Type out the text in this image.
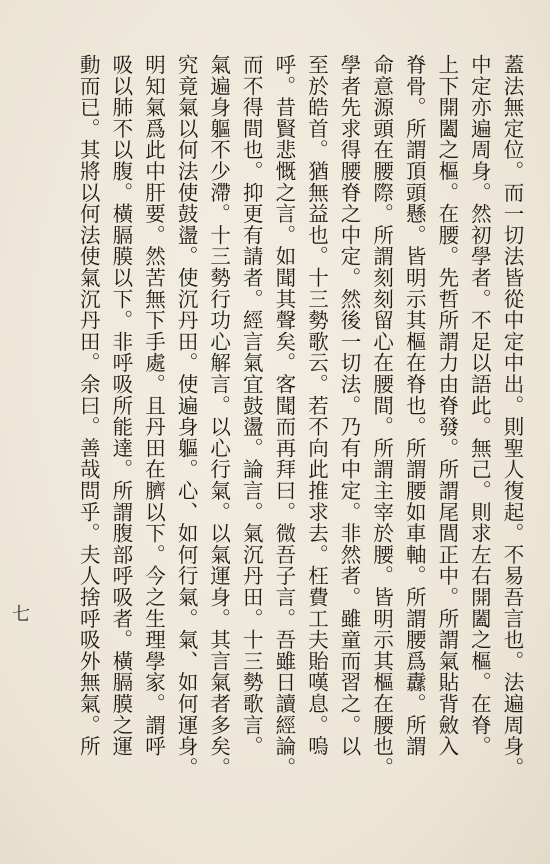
蓋法無定位。而一切法皆從中定中出。則聖人復起。不易吾言也。法遍周身。
中定亦遍周身。然初學者。不足以語此。無己。則求左右開闔之樞。在脊。
上下開闔之樞。在腰。先哲所謂力由脊發。所謂尾閭正中。所謂氣貼背斂入
脊骨。所謂頂頭懸。皆明示其樞在脊也。所謂腰如車軸。所謂腰爲纛。所謂
命意源頭在腰際。所謂刻刻留心在腰間。所謂主宰於腰。皆明示其樞在腰也。
學者先求得腰脊之中定。然後一切法。乃有中定。非然者。雖童而習之。以
至於皓首。猶無益也。十三勢歌云。若不向此推求去。枉費工夫貽嘆息。嗚
呼。昔賢悲慨之言。如聞其聲矣。客聞而再拜曰。微吾子言。吾雖日讀經論。
而不得間也。抑更有請者。經言氣宜鼓盪。論言。氣沉丹田。十三勢歌言。
氣遍身軀不少滯。十三勢行功心解言。以心行氣。以氣運身。其言氣者多矣。
究竟氣以何法使鼓盪。使沉丹田。使遍身軀。心、如何行氣。氣、如何運身。
明知氣爲此中肝要。然苦無下手處。且丹田在臍以下。今之生理學家。謂呼
吸以肺不以腹。橫膈膜以下。非呼吸所能達。所謂腹部呼吸者。橫膈膜之運
動而已。其將以何法使氣沉丹田。余曰。善哉問乎。夫人捨呼吸外無氣。所
七
